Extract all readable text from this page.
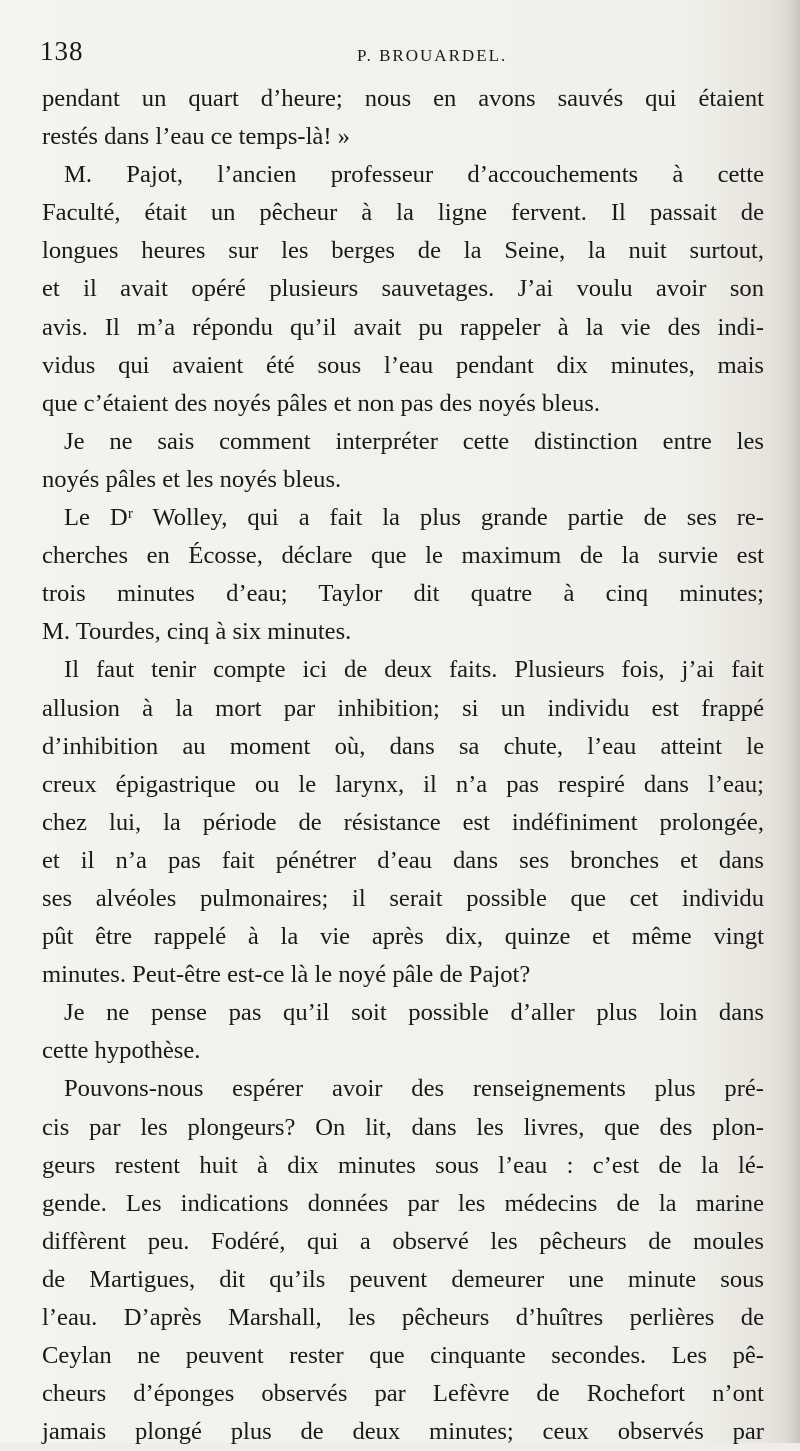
138	P. BROUARDEL.
pendant un quart d’heure; nous en avons sauvés qui étaient
restés dans l’eau ce temps-là! »
M. Pajot, l’ancien professeur d’accouchements à cette
Faculté, était un pêcheur à la ligne fervent. Il passait de
longues heures sur les berges de la Seine, la nuit surtout,
et il avait opéré plusieurs sauvetages. J’ai voulu avoir son
avis. Il m’a répondu qu’il avait pu rappeler à la vie des indi-
vidus qui avaient été sous l’eau pendant dix minutes, mais
que c’étaient des noyés pâles et non pas des noyés bleus.
Je ne sais comment interpréter cette distinction entre les
noyés pâles et les noyés bleus.
Le Dʳ Wolley, qui a fait la plus grande partie de ses re-
cherches en Écosse, déclare que le maximum de la survie est
trois minutes d’eau; Taylor dit quatre à cinq minutes;
M. Tourdes, cinq à six minutes.
Il faut tenir compte ici de deux faits. Plusieurs fois, j’ai fait
allusion à la mort par inhibition; si un individu est frappé
d’inhibition au moment où, dans sa chute, l’eau atteint le
creux épigastrique ou le larynx, il n’a pas respiré dans l’eau;
chez lui, la période de résistance est indéfiniment prolongée,
et il n’a pas fait pénétrer d’eau dans ses bronches et dans
ses alvéoles pulmonaires; il serait possible que cet individu
pût être rappelé à la vie après dix, quinze et même vingt
minutes. Peut-être est-ce là le noyé pâle de Pajot?
Je ne pense pas qu’il soit possible d’aller plus loin dans
cette hypothèse.
Pouvons-nous espérer avoir des renseignements plus pré-
cis par les plongeurs? On lit, dans les livres, que des plon-
geurs restent huit à dix minutes sous l’eau : c’est de la lé-
gende. Les indications données par les médecins de la marine
diffèrent peu. Fodéré, qui a observé les pêcheurs de moules
de Martigues, dit qu’ils peuvent demeurer une minute sous
l’eau. D’après Marshall, les pêcheurs d’huîtres perlières de
Ceylan ne peuvent rester que cinquante secondes. Les pê-
cheurs d’éponges observés par Lefèvre de Rochefort n’ont
jamais plongé plus de deux minutes; ceux observés par
